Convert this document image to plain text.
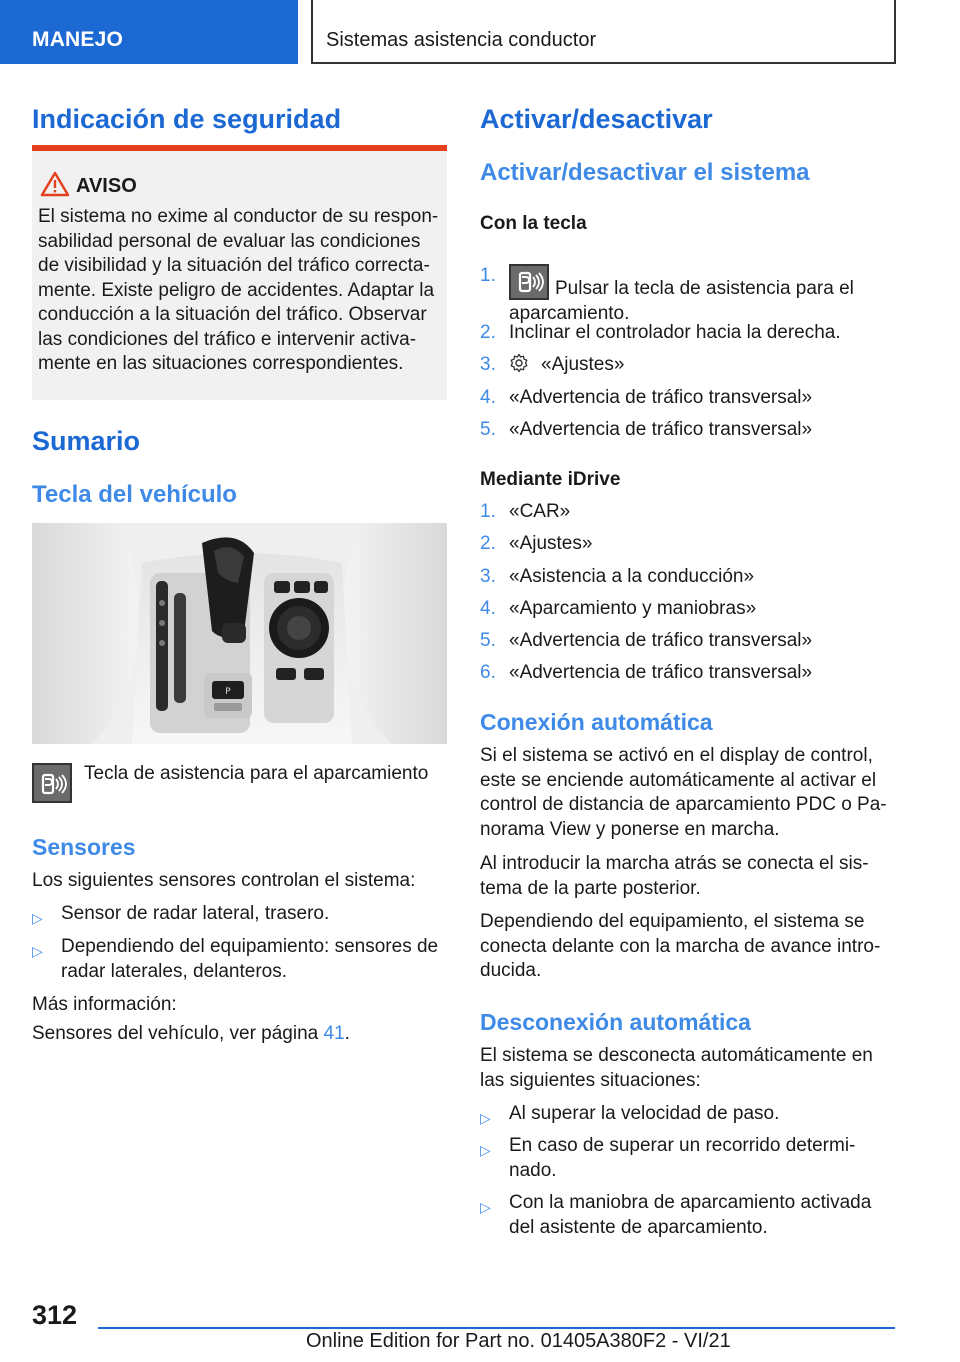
MANEJO	Sistemas asistencia conductor
Indicación de seguridad
AVISO
El sistema no exime al conductor de su respon-
sabilidad personal de evaluar las condiciones
de visibilidad y la situación del tráfico correcta-
mente. Existe peligro de accidentes. Adaptar la
conducción a la situación del tráfico. Observar
las condiciones del tráfico e intervenir activa-
mente en las situaciones correspondientes.
Sumario
Tecla del vehículo
P

Tecla de asistencia para el aparcamiento

Sensores

Los siguientes sensores controlan el sistema:

▷ Sensor de radar lateral, trasero.
▷ Dependiendo del equipamiento: sensores de
radar laterales, delanteros.

Más información:

Sensores del vehículo, ver página 41.

Activar/desactivar
Activar/desactivar el sistema
Con la tecla
1.
Pulsar la tecla de asistencia para el
aparcamiento.
2. Inclinar el controlador hacia la derecha.
3.	«Ajustes»
4. «Advertencia de tráfico transversal»
5. «Advertencia de tráfico transversal»
Mediante iDrive
1. «CAR»
2. «Ajustes»
3. «Asistencia a la conducción»
4. «Aparcamiento y maniobras»
5. «Advertencia de tráfico transversal»
6. «Advertencia de tráfico transversal»
Conexión automática

Si el sistema se activó en el display de control,
este se enciende automáticamente al activar el
control de distancia de aparcamiento PDC o Pa-
norama View y ponerse en marcha.

Al introducir la marcha atrás se conecta el sis-
tema de la parte posterior.

Dependiendo del equipamiento, el sistema se
conecta delante con la marcha de avance intro-
ducida.

Desconexión automática

El sistema se desconecta automáticamente en
las siguientes situaciones:

▷ Al superar la velocidad de paso.
▷ En caso de superar un recorrido determi-
nado.
▷ Con la maniobra de aparcamiento activada
del asistente de aparcamiento.
312
Online Edition for Part no. 01405A380F2 - VI/21
